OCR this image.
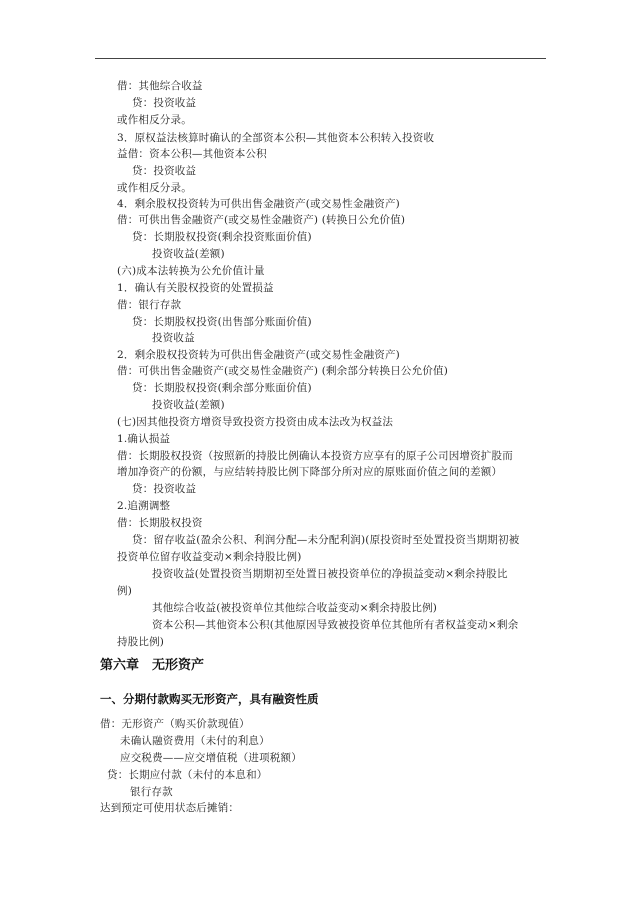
借：其他综合收益
贷：投资收益
或作相反分录。
3．原权益法核算时确认的全部资本公积—其他资本公积转入投资收
益借：资本公积—其他资本公积
贷：投资收益
或作相反分录。
4．剩余股权投资转为可供出售金融资产(或交易性金融资产)
借：可供出售金融资产(或交易性金融资产) (转换日公允价值)
贷：长期股权投资(剩余投资账面价值)
投资收益(差额)
(六)成本法转换为公允价值计量
1．确认有关股权投资的处置损益
借：银行存款
贷：长期股权投资(出售部分账面价值)
投资收益
2．剩余股权投资转为可供出售金融资产(或交易性金融资产)
借：可供出售金融资产(或交易性金融资产) (剩余部分转换日公允价值)
贷：长期股权投资(剩余部分账面价值)
投资收益(差额)
(七)因其他投资方增资导致投资方投资由成本法改为权益法
1.确认损益
借：长期股权投资（按照新的持股比例确认本投资方应享有的原子公司因增资扩股而
增加净资产的份额，与应结转持股比例下降部分所对应的原账面价值之间的差额）
贷：投资收益
2.追溯调整
借：长期股权投资
贷：留存收益(盈余公积、利润分配—未分配利润)(原投资时至处置投资当期期初被
投资单位留存收益变动×剩余持股比例)
投资收益(处置投资当期期初至处置日被投资单位的净损益变动×剩余持股比
例)
其他综合收益(被投资单位其他综合收益变动×剩余持股比例)
资本公积—其他资本公积(其他原因导致被投资单位其他所有者权益变动×剩余
持股比例)
第六章　无形资产
一、分期付款购买无形资产，具有融资性质
借：无形资产（购买价款现值）
未确认融资费用（未付的利息）
应交税费——应交增值税（进项税额）
贷：长期应付款（未付的本息和）
银行存款
达到预定可使用状态后摊销：
